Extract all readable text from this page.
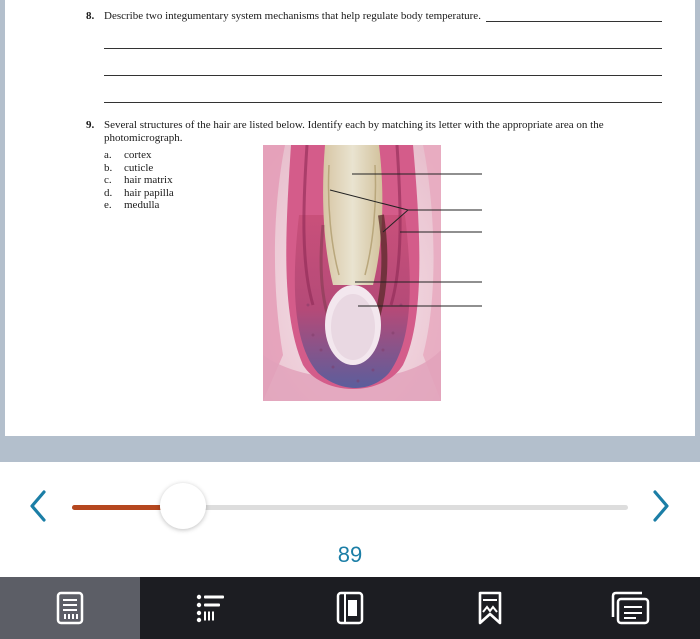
8. Describe two integumentary system mechanisms that help regulate body temperature.
9. Several structures of the hair are listed below. Identify each by matching its letter with the appropriate area on the
photomicrograph.
a.	cortex
b.	cuticle
c.	hair matrix
d.	hair papilla
e.	medulla
89
